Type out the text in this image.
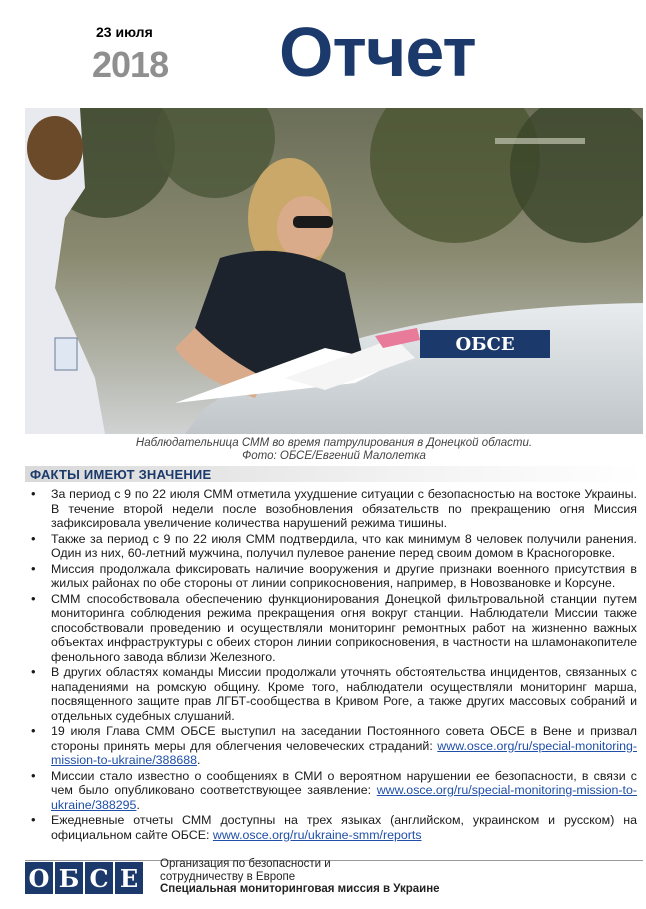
23 июля
2018 Отчет
ОБСЕ
Наблюдательница СММ во время патрулирования в Донецкой области.
Фото: ОБСЕ/Евгений Малолетка
ФАКТЫ ИМЕЮТ ЗНАЧЕНИЕ
• За период с 9 по 22 июля СММ отметила ухудшение ситуации с безопасностью на востоке Украины. В течение второй недели после возобновления обязательств по прекращению огня Миссия зафиксировала увеличение количества нарушений режима тишины.
• Также за период с 9 по 22 июля СММ подтвердила, что как минимум 8 человек получили ранения. Один из них, 60-летний мужчина, получил пулевое ранение перед своим домом в Красногоровке.
• Миссия продолжала фиксировать наличие вооружения и другие признаки военного присутствия в жилых районах по обе стороны от линии соприкосновения, например, в Новозвановке и Корсуне.
• СММ способствовала обеспечению функционирования Донецкой фильтровальной станции путем мониторинга соблюдения режима прекращения огня вокруг станции. Наблюдатели Миссии также способствовали проведению и осуществляли мониторинг ремонтных работ на жизненно важных объектах инфраструктуры с обеих сторон линии соприкосновения, в частности на шламонакопителе фенольного завода вблизи Железного.
• В других областях команды Миссии продолжали уточнять обстоятельства инцидентов, связанных с нападениями на ромскую общину. Кроме того, наблюдатели осуществляли мониторинг марша, посвященного защите прав ЛГБТ-сообщества в Кривом Роге, а также других массовых собраний и отдельных судебных слушаний.
• 19 июля Глава СММ ОБСЕ выступил на заседании Постоянного совета ОБСЕ в Вене и призвал стороны принять меры для облегчения человеческих страданий: www.osce.org/ru/special-monitoring-mission-to-ukraine/388688.
• Миссии стало известно о сообщениях в СМИ о вероятном нарушении ее безопасности, в связи с чем было опубликовано соответствующее заявление: www.osce.org/ru/special-monitoring-mission-to-ukraine/388295.
• Ежедневные отчеты СММ доступны на трех языках (английском, украинском и русском) на официальном сайте ОБСЕ: www.osce.org/ru/ukraine-smm/reports
О Б С Е	Организация по безопасности и
сотрудничеству в Европе
Специальная мониторинговая миссия в Украине
